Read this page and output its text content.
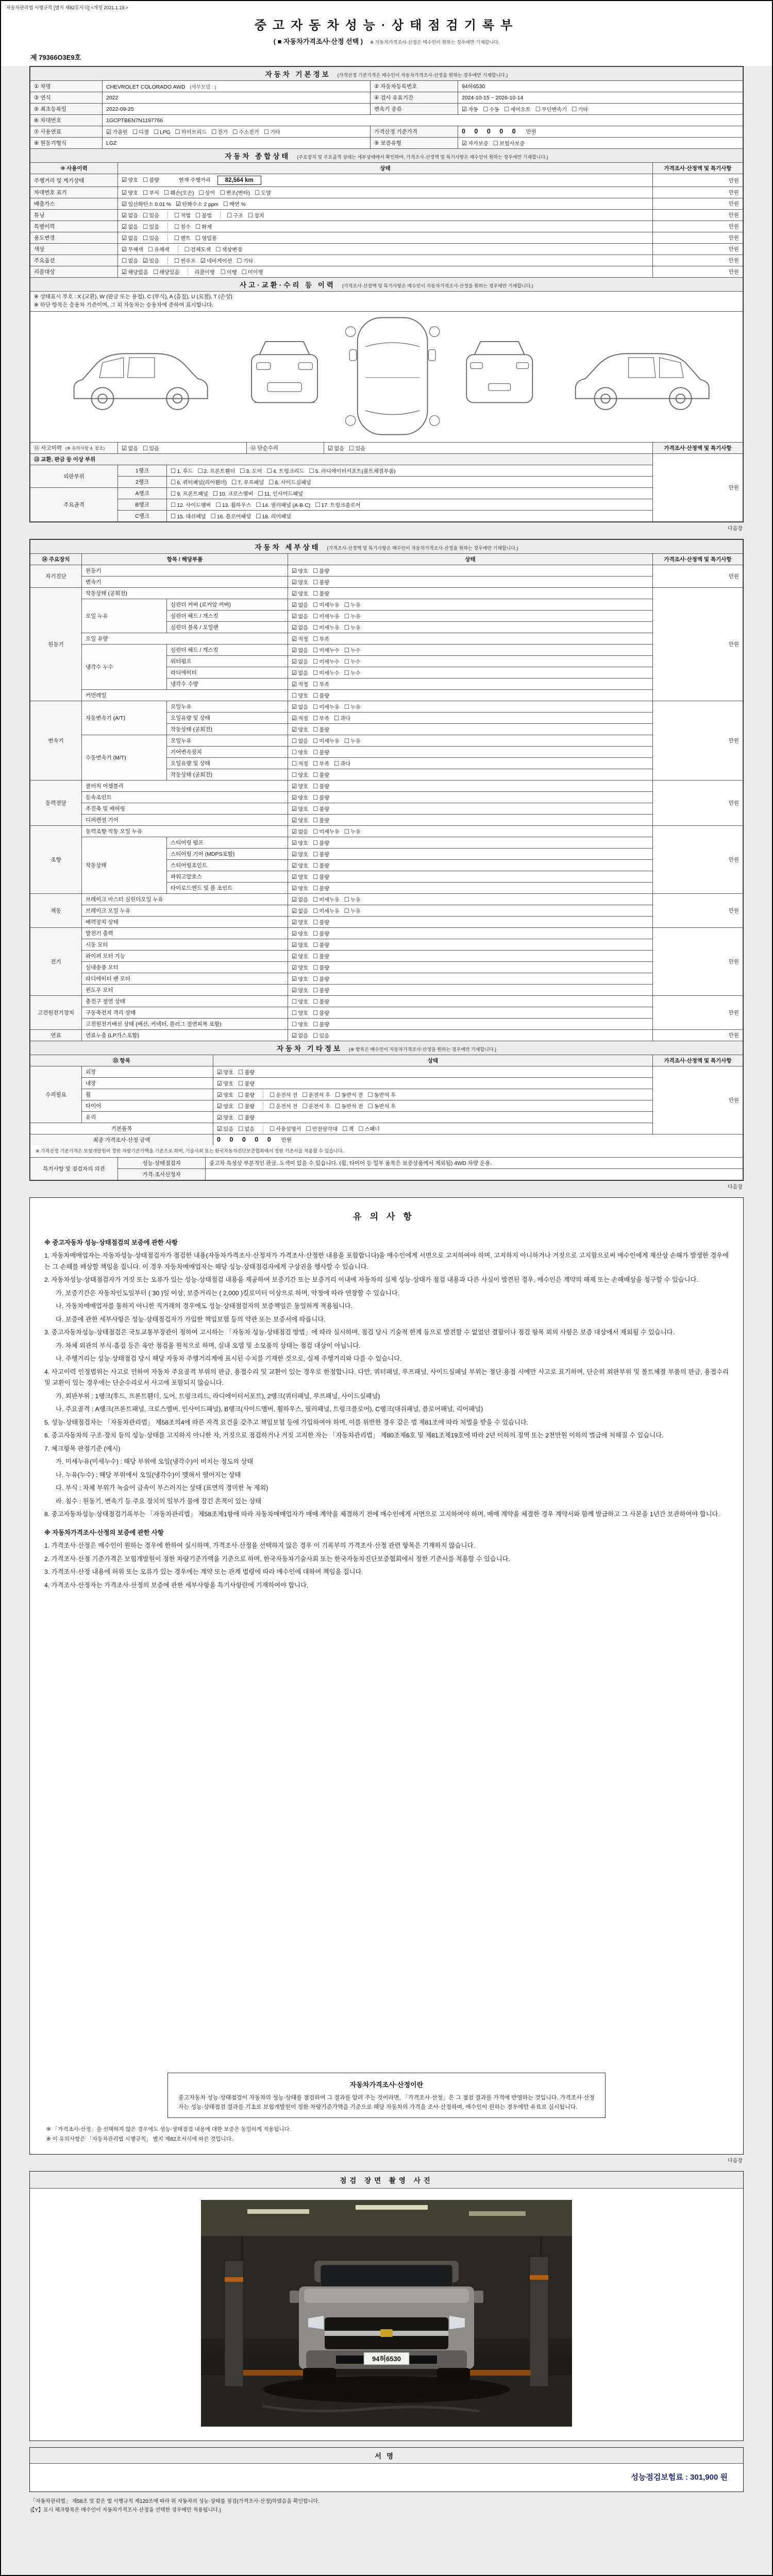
자동차관리법 시행규칙 [별지 제82호서식] <개정 2021.1.19.>
중고자동차성능·상태점검기록부
( ■ 자동차가격조사·산정 선택 ) ※ 자동차가격조사·산정은 매수인이 원하는 경우에만 기재합니다.
제 79366O3E9호
자동차 기본정보 (가격산정 기준가격은 매수인이 자동차가격조사·산정을 원하는 경우에만 기재합니다.)			
① 차명	CHEVROLET COLORADO AWD (세부모델 : )	② 자동차등록번호	94허6530
③ 연식	2022	④ 검사 유효기간	2024-10-15 ~ 2026-10-14
⑤ 최초등록일	2022-09-25	변속기 종류	☑ 자동 ☐ 수동 ☐ 세미오토 ☐ 무단변속기 ☐ 기타
⑥ 차대번호	1GCPTBEN7N1197766		
⑦ 사용연료	☑ 가솔린 ☐ 디젤 ☐ LPG ☐ 하이브리드 ☐ 전기 ☐ 수소전기 ☐ 기타	가격산정 기준가격	0 0 0 0 0 만원
⑧ 원동기형식	LGZ	⑨ 보증유형	☑ 자가보증 ☐ 보험사보증
자동차 종합상태 (주요장치 및 주요골격 상태는 세부상태에서 확인하며, 가격조사·산정액 및 특기사항은 매수인이 원하는 경우에만 기재합니다.)		
⑩ 사용이력	상태	가격조사·산정액 및 특기사항
주행거리 및 계기상태	☑ 양호 ☐ 불량 현재 주행거리 82,564 km	만원
차대번호 표기	☑ 양호 ☐ 부식 ☐ 훼손(오손) ☐ 상이 ☐ 변조(변타) ☐ 도말	만원
배출가스	☑ 일산화탄소 0.01 % ☑ 탄화수소 2 ppm ☐ 매연 %	만원
튜닝	☑ 없음 ☐ 있음 ☐ 적법 ☐ 불법 ☐ 구조 ☐ 장치	만원
특별이력	☑ 없음 ☐ 있음 ☐ 침수 ☐ 화재	만원
용도변경	☑ 없음 ☐ 있음 ☐ 렌트 ☐ 영업용	만원
색상	☑ 무채색 ☐ 유채색 ☐ 전체도색 ☐ 색상변경	만원
주요옵션	☐ 없음 ☑ 있음 ☐ 썬루프 ☑ 네비게이션 ☐ 기타	만원
리콜대상	☑ 해당없음 ☐ 해당있음 리콜이행 ☐ 이행 ☐ 미이행	만원
사고·교환·수리 등 이력 (가격조사·산정액 및 특기사항은 매수인이 자동차가격조사·산정을 원하는 경우에만 기재합니다.)

※ 상태표시 부호 : X (교환), W (판금 또는 용접), C (부식), A (흠집), U (요철), T (손상)
※ 하단 항목은 승용차 기준이며, 그 외 자동차는 승용차에 준하여 표시합니다.

⑪ 사고이력 (※ 유의사항 4. 참조)	☑ 없음 ☐ 있음	⑫ 단순수리	☑ 없음 ☐ 있음	가격조사·산정액 및 특기사항
⑬ 교환, 판금 등 이상 부위			만원
외판부위	1랭크	☐ 1. 후드 ☐ 2. 프론트휀더 ☐ 3. 도어 ☐ 4. 트렁크리드 ☐ 5. 라디에이터서포트(볼트체결부품)	
	2랭크	☐ 6. 쿼터패널(리어휀더) ☐ 7. 루프패널 ☐ 8. 사이드실패널	
주요골격	A랭크	☐ 9. 프론트패널 ☐ 10. 크로스멤버 ☐ 11. 인사이드패널	
	B랭크	☐ 12. 사이드멤버 ☐ 13. 휠하우스 ☐ 14. 필러패널 (A·B·C) ☐ 17. 트렁크플로어	
	C랭크	☐ 15. 대쉬패널 ☐ 16. 플로어패널 ☐ 18. 리어패널	
다음장
자동차 세부상태 (가격조사·산정액 및 특기사항은 매수인이 자동차가격조사·산정을 원하는 경우에만 기재합니다.)				
⑭ 주요장치	항목 / 해당부품		상태	가격조사·산정액 및 특기사항
자기진단	원동기		☑ 양호 ☐ 불량	만원
	변속기		☑ 양호 ☐ 불량	
원동기	작동상태 (공회전)		☑ 양호 ☐ 불량	만원
	오일 누유	실린더 커버 (로커암 커버)	☑ 없음 ☐ 미세누유 ☐ 누유	
		실린더 헤드 / 개스킷	☑ 없음 ☐ 미세누유 ☐ 누유	
		실린더 블록 / 오일팬	☑ 없음 ☐ 미세누유 ☐ 누유	
	오일 유량		☑ 적정 ☐ 부족	
	냉각수 누수	실린더 헤드 / 개스킷	☑ 없음 ☐ 미세누수 ☐ 누수	
		워터펌프	☑ 없음 ☐ 미세누수 ☐ 누수	
		라디에이터	☑ 없음 ☐ 미세누수 ☐ 누수	
		냉각수 수량	☑ 적정 ☐ 부족	
	커먼레일		☐ 양호 ☐ 불량	
변속기	자동변속기 (A/T)	오일누유	☑ 없음 ☐ 미세누유 ☐ 누유	만원
		오일유량 및 상태	☑ 적정 ☐ 부족 ☐ 과다	
		작동상태 (공회전)	☑ 양호 ☐ 불량	
	수동변속기 (M/T)	오일누유	☐ 없음 ☐ 미세누유 ☐ 누유	
		기어변속장치	☐ 양호 ☐ 불량	
		오일유량 및 상태	☐ 적정 ☐ 부족 ☐ 과다	
		작동상태 (공회전)	☐ 양호 ☐ 불량	
동력전달	클러치 어셈블리		☑ 양호 ☐ 불량	만원
	등속조인트		☑ 양호 ☐ 불량	
	추진축 및 베어링		☑ 양호 ☐ 불량	
	디퍼렌셜 기어		☑ 양호 ☐ 불량	
조향	동력조향 작동 오일 누유		☑ 없음 ☐ 미세누유 ☐ 누유	만원
	작동상태	스티어링 펌프	☑ 양호 ☐ 불량	
		스티어링 기어 (MDPS포함)	☑ 양호 ☐ 불량	
		스티어링조인트	☑ 양호 ☐ 불량	
		파워고압호스	☑ 양호 ☐ 불량	
		타이로드엔드 및 볼 조인트	☑ 양호 ☐ 불량	
제동	브레이크 마스터 실린더오일 누유		☑ 없음 ☐ 미세누유 ☐ 누유	만원
	브레이크 오일 누유		☑ 없음 ☐ 미세누유 ☐ 누유	
	배력장치 상태		☑ 양호 ☐ 불량	
전기	발전기 출력		☑ 양호 ☐ 불량	만원
	시동 모터		☑ 양호 ☐ 불량	
	와이퍼 모터 기능		☑ 양호 ☐ 불량	
	실내송풍 모터		☑ 양호 ☐ 불량	
	라디에이터 팬 모터		☑ 양호 ☐ 불량	
	윈도우 모터		☑ 양호 ☐ 불량	
고전원전기장치	충전구 절연 상태		☐ 양호 ☐ 불량	만원
	구동축전지 격리 상태		☐ 양호 ☐ 불량	
	고전원전기배선 상태 (배선, 커넥터, 플러그 절연피복 포함)		☐ 양호 ☐ 불량	
연료	연료누출 (LP가스포함)		☑ 없음 ☐ 있음	만원
자동차 기타정보 (※ 항목은 매수인이 자동차가격조사·산정을 원하는 경우에만 기재합니다.)			
⑮ 항목		상태	가격조사·산정액 및 특기사항
수리필요	외장	☑ 양호 ☐ 불량	만원
	내장	☑ 양호 ☐ 불량	
	휠	☑ 양호 ☐ 불량 ☐ 운전석 전 ☐ 운전석 후 ☐ 동반석 전 ☐ 동반석 후	
	타이어	☑ 양호 ☐ 불량 ☐ 운전석 전 ☐ 운전석 후 ☐ 동반석 전 ☐ 동반석 후	
	유리	☑ 양호 ☐ 불량	
기본품목		☑ 있음 ☐ 없음 ☐ 사용설명서 ☐ 안전삼각대 ☐ 잭 ☐ 스패너	
최종 가격조사·산정 금액	0 0 0 0 0 만원
※ 가격산정 기준가격은 보험개발원이 정한 차량기준가액을 기준으로 하며, 기술사회 또는 한국자동차진단보증협회에서 정한 기준서를 적용할 수 있습니다.
특기사항 및 점검자의 의견	성능·상태점검자	중고차 특성상 부분적인 판금, 도색이 있을 수 있습니다. (휠, 타이어 등 일부 품목은 보증상품에서 제외됨) 4WD 차량 운용.
	가격·조사산정자	
다음장
유의사항
※ 중고자동차 성능·상태점검의 보증에 관한 사항
1. 자동차매매업자는 자동차성능·상태점검자가 점검한 내용(자동차가격조사·산정자가 가격조사·산정한 내용을 포함합니다)을 매수인에게 서면으로 고지하여야 하며, 고지하지 아니하거나 거짓으로 고지함으로써 매수인에게 재산상 손해가 발생한 경우에는 그 손해를 배상할 책임을 집니다. 이 경우 자동차매매업자는 해당 성능·상태점검자에게 구상권을 행사할 수 있습니다.
2. 자동차성능·상태점검자가 거짓 또는 오류가 있는 성능·상태점검 내용을 제공하여 보증기간 또는 보증거리 이내에 자동차의 실제 성능·상태가 점검 내용과 다른 사실이 발견된 경우, 매수인은 계약의 해제 또는 손해배상을 청구할 수 있습니다.
가. 보증기간은 자동차인도일부터 ( 30 )일 이상, 보증거리는 ( 2,000 )킬로미터 이상으로 하며, 약정에 따라 연장할 수 있습니다.
나. 자동차매매업자를 통하지 아니한 직거래의 경우에도 성능·상태점검자의 보증책임은 동일하게 적용됩니다.
다. 보증에 관한 세부사항은 성능·상태점검자가 가입한 책임보험 등의 약관 또는 보증서에 따릅니다.
3. 중고자동차성능·상태점검은 국토교통부장관이 정하여 고시하는 「자동차 성능·상태점검 방법」에 따라 실시하며, 점검 당시 기술적 한계 등으로 발견할 수 없었던 결함이나 점검 항목 외의 사항은 보증 대상에서 제외될 수 있습니다.
가. 차체 외관의 부식·흠집 등은 육안 점검을 원칙으로 하며, 실내 오염 및 소모품의 상태는 점검 대상이 아닙니다.
나. 주행거리는 성능·상태점검 당시 해당 자동차 주행거리계에 표시된 수치를 기재한 것으로, 실제 주행거리와 다를 수 있습니다.
4. 사고이력 인정범위는 사고로 인하여 자동차 주요골격 부위의 판금, 용접수리 및 교환이 있는 경우로 한정합니다. 다만, 쿼터패널, 루프패널, 사이드실패널 부위는 절단·용접 시에만 사고로 표기하며, 단순히 외판부위 및 볼트체결 부품의 판금, 용접수리 및 교환이 있는 경우에는 단순수리로서 사고에 포함되지 않습니다.
가. 외판부위 : 1랭크(후드, 프론트휀더, 도어, 트렁크리드, 라디에이터서포트), 2랭크(쿼터패널, 루프패널, 사이드실패널)
나. 주요골격 : A랭크(프론트패널, 크로스멤버, 인사이드패널), B랭크(사이드멤버, 휠하우스, 필러패널, 트렁크플로어), C랭크(대쉬패널, 플로어패널, 리어패널)
5. 성능·상태점검자는 「자동차관리법」 제58조의4에 따른 자격 요건을 갖추고 책임보험 등에 가입하여야 하며, 이를 위반한 경우 같은 법 제81조에 따라 처벌을 받을 수 있습니다.
6. 중고자동차의 구조·장치 등의 성능·상태를 고지하지 아니한 자, 거짓으로 점검하거나 거짓 고지한 자는 「자동차관리법」 제80조제6호 및 제81조제19호에 따라 2년 이하의 징역 또는 2천만원 이하의 벌금에 처해질 수 있습니다.
7. 체크항목 판정기준 (예시)
가. 미세누유(미세누수) : 해당 부위에 오일(냉각수)이 비치는 정도의 상태
나. 누유(누수) : 해당 부위에서 오일(냉각수)이 맺혀서 떨어지는 상태
다. 부식 : 차체 부위가 녹슬어 금속이 부스러지는 상태 (표면의 경미한 녹 제외)
라. 침수 : 원동기, 변속기 등 주요 장치의 일부가 물에 잠긴 흔적이 있는 상태
8. 중고자동차성능·상태점검기록부는 「자동차관리법」 제58조제1항에 따라 자동차매매업자가 매매 계약을 체결하기 전에 매수인에게 서면으로 고지하여야 하며, 매매 계약을 체결한 경우 계약서와 함께 발급하고 그 사본을 1년간 보관하여야 합니다.
※ 자동차가격조사·산정의 보증에 관한 사항
1. 가격조사·산정은 매수인이 원하는 경우에 한하여 실시하며, 가격조사·산정을 선택하지 않은 경우 이 기록부의 가격조사·산정 관련 항목은 기재하지 않습니다.
2. 가격조사·산정 기준가격은 보험개발원이 정한 차량기준가액을 기준으로 하며, 한국자동차기술사회 또는 한국자동차진단보증협회에서 정한 기준서를 적용할 수 있습니다.
3. 가격조사·산정 내용에 허위 또는 오류가 있는 경우에는 계약 또는 관계 법령에 따라 매수인에 대하여 책임을 집니다.
4. 가격조사·산정자는 가격조사·산정의 보증에 관한 세부사항을 특기사항란에 기재하여야 합니다.
자동차가격조사·산정이란
중고자동차 성능·상태점검이 자동차의 성능·상태를 점검하여 그 결과를 알려 주는 것이라면, 「가격조사·산정」은 그 점검 결과를 가격에 반영하는 것입니다. 가격조사·산정자는 성능·상태점검 결과를 기초로 보험개발원이 정한 차량기준가액을 기준으로 해당 자동차의 가격을 조사·산정하며, 매수인이 원하는 경우에만 유료로 실시됩니다.
※ 「가격조사·산정」을 선택하지 않은 경우에도 성능·상태점검 내용에 대한 보증은 동일하게 적용됩니다.
※ 이 유의사항은 「자동차관리법 시행규칙」 별지 제82호서식에 따른 것입니다.
다음장
점검 장면 촬영 사진
94허6530
서명
성능점검보험료 : 301,900 원
「자동차관리법」 제58조 및 같은 법 시행규칙 제120조에 따라 위 자동차의 성능·상태를 점검(가격조사·산정)하였음을 확인합니다.
(【Y】표시 체크항목은 매수인이 자동차가격조사·산정을 선택한 경우에만 적용됩니다.)
